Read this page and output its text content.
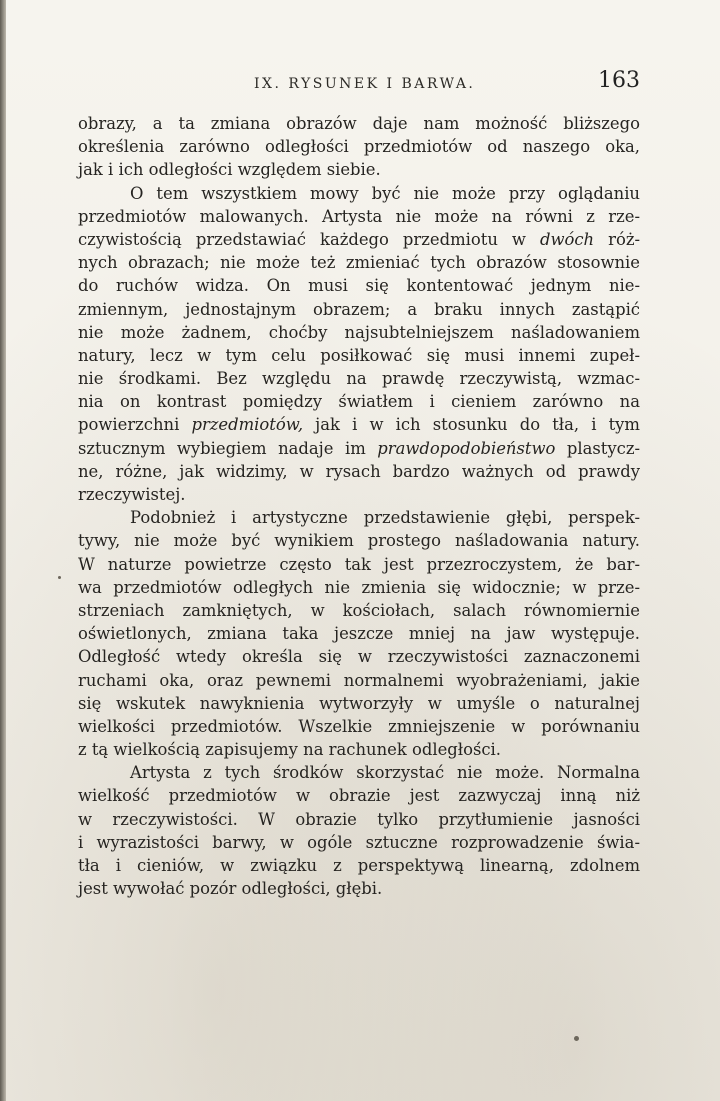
IX. RYSUNEK I BARWA.	163
obrazy, a ta zmiana obrazów daje nam możność bliższego
określenia zarówno odległości przedmiotów od naszego oka,
jak i ich odległości względem siebie.
O tem wszystkiem mowy być nie może przy oglądaniu
przedmiotów malowanych. Artysta nie może na równi z rze-
czywistością przedstawiać każdego przedmiotu w dwóch róż-
nych obrazach; nie może też zmieniać tych obrazów stosownie
do ruchów widza. On musi się kontentować jednym nie-
zmiennym, jednostajnym obrazem; a braku innych zastąpić
nie może żadnem, choćby najsubtelniejszem naśladowaniem
natury, lecz w tym celu posiłkować się musi innemi zupeł-
nie środkami. Bez względu na prawdę rzeczywistą, wzmac-
nia on kontrast pomiędzy światłem i cieniem zarówno na
powierzchni przedmiotów, jak i w ich stosunku do tła, i tym
sztucznym wybiegiem nadaje im prawdopodobieństwo plastycz-
ne, różne, jak widzimy, w rysach bardzo ważnych od prawdy
rzeczywistej.
Podobnież i artystyczne przedstawienie głębi, perspek-
tywy, nie może być wynikiem prostego naśladowania natury.
W naturze powietrze często tak jest przezroczystem, że bar-
wa przedmiotów odległych nie zmienia się widocznie; w prze-
strzeniach zamkniętych, w kościołach, salach równomiernie
oświetlonych, zmiana taka jeszcze mniej na jaw występuje.
Odległość wtedy określa się w rzeczywistości zaznaczonemi
ruchami oka, oraz pewnemi normalnemi wyobrażeniami, jakie
się wskutek nawyknienia wytworzyły w umyśle o naturalnej
wielkości przedmiotów. Wszelkie zmniejszenie w porównaniu
z tą wielkością zapisujemy na rachunek odległości.
Artysta z tych środków skorzystać nie może. Normalna
wielkość przedmiotów w obrazie jest zazwyczaj inną niż
w rzeczywistości. W obrazie tylko przytłumienie jasności
i wyrazistości barwy, w ogóle sztuczne rozprowadzenie świa-
tła i cieniów, w związku z perspektywą linearną, zdolnem
jest wywołać pozór odległości, głębi.
